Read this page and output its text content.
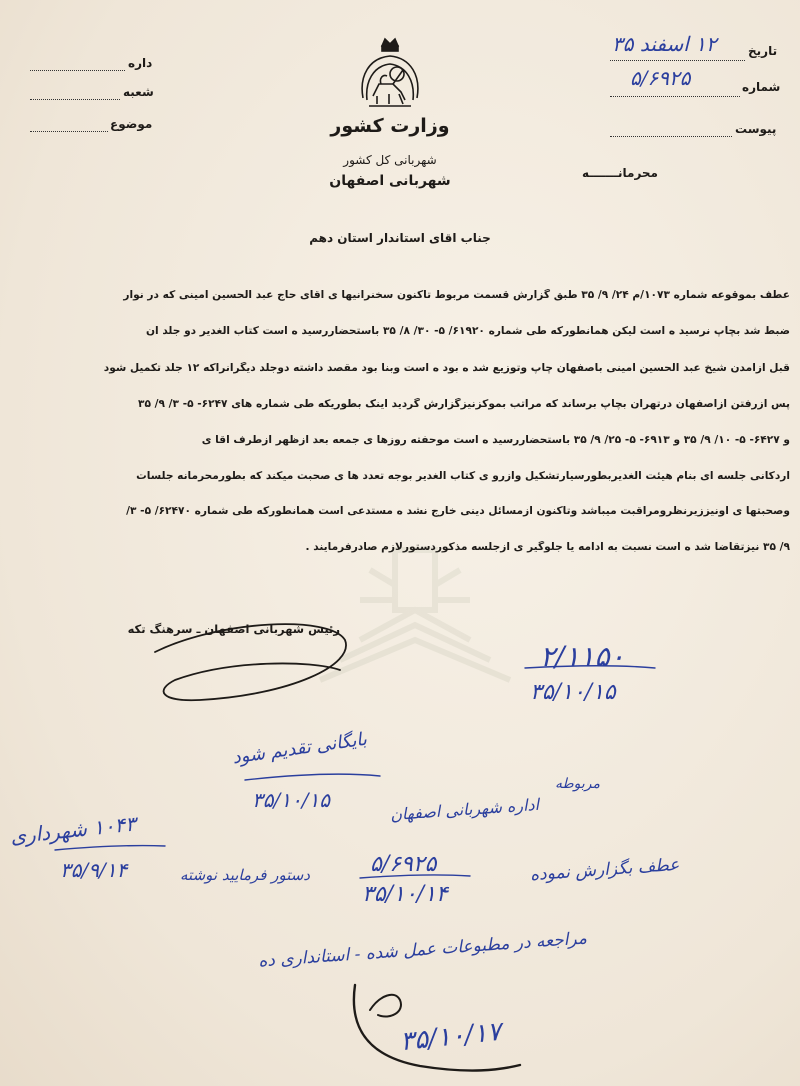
داره
شعبه
موضوع
تاریخ
۱۲ اسفند ۳۵
شماره
۵/۶۹۲۵
پیوست
وزارت کشور
شهربانی کل کشور
شهربانی اصفهان	محرمانـــــــه
جناب اقای استاندار استان دهم
عطف بموقوعه شماره ۱۰۷۳/م ۲۴/ ۹/ ۳۵ طبق گزارش قسمت مربوط تاکنون سخنرانیها ی اقای حاج عبد الحسین امینی که در نوار
ضبط شد بچاپ نرسید ه است لیکن همانطورکه طی شماره ۶۱۹۲۰/ ۵- ۳۰/ ۸/ ۳۵ باستحضاررسید ه است کتاب الغدیر دو جلد ان
قبل ازامدن شیخ عبد الحسین امینی باصفهان چاپ وتوزیع شد ه بود ه است وبنا بود مقصد داشته دوجلد دیگرانراکه ۱۲ جلد تکمیل شود
پس ازرفتن ازاصفهان درتهران بچاپ برساند که مراتب بموکزنیزگزارش گردید اینک بطوریکه طی شماره های ۶۲۴۷- ۵- ۳/ ۹/ ۳۵
و ۶۴۲۷- ۵- ۱۰/ ۹/ ۳۵ و ۶۹۱۳- ۵- ۲۵/ ۹/ ۳۵ باستحضاررسید ه است موحفته روزها ی جمعه بعد ازظهر ازطرف اقا ی
اردکانی جلسه ای بنام هیئت الغدیربطورسیارتشکیل وازرو ی کتاب الغدیر بوجه تعدد ها ی صحبت میکند که بطورمحرمانه جلسات
وصحبتها ی اونیززیرنظرومراقبت میباشد وتاکنون ازمسائل دینی خارج نشد ه مستدعی است همانطورکه طی شماره ۶۲۴۷۰/ ۵- ۳/
۹/ ۳۵ نیزتقاضا شد ه است نسبت به ادامه یا جلوگیر ی ازجلسه مذکوردستورلازم صادرفرمایند .
رئیس شهربانی اصفهان ـ سرهنگ تکه
۲/۱۱۵۰
۳۵/۱۰/۱۵
بایگانی تقدیم شود
۳۵/۱۰/۱۵
مربوطه
اداره شهربانی اصفهان
۱۰۴۳ شهرداری
۳۵/۹/۱۴	۵/۶۹۲۵
دستور فرمایید نوشته
۳۵/۱۰/۱۴
عطف بگزارش نموده
مراجعه در مطبوعات عمل شده - استانداری ده
۳۵/۱۰/۱۷
